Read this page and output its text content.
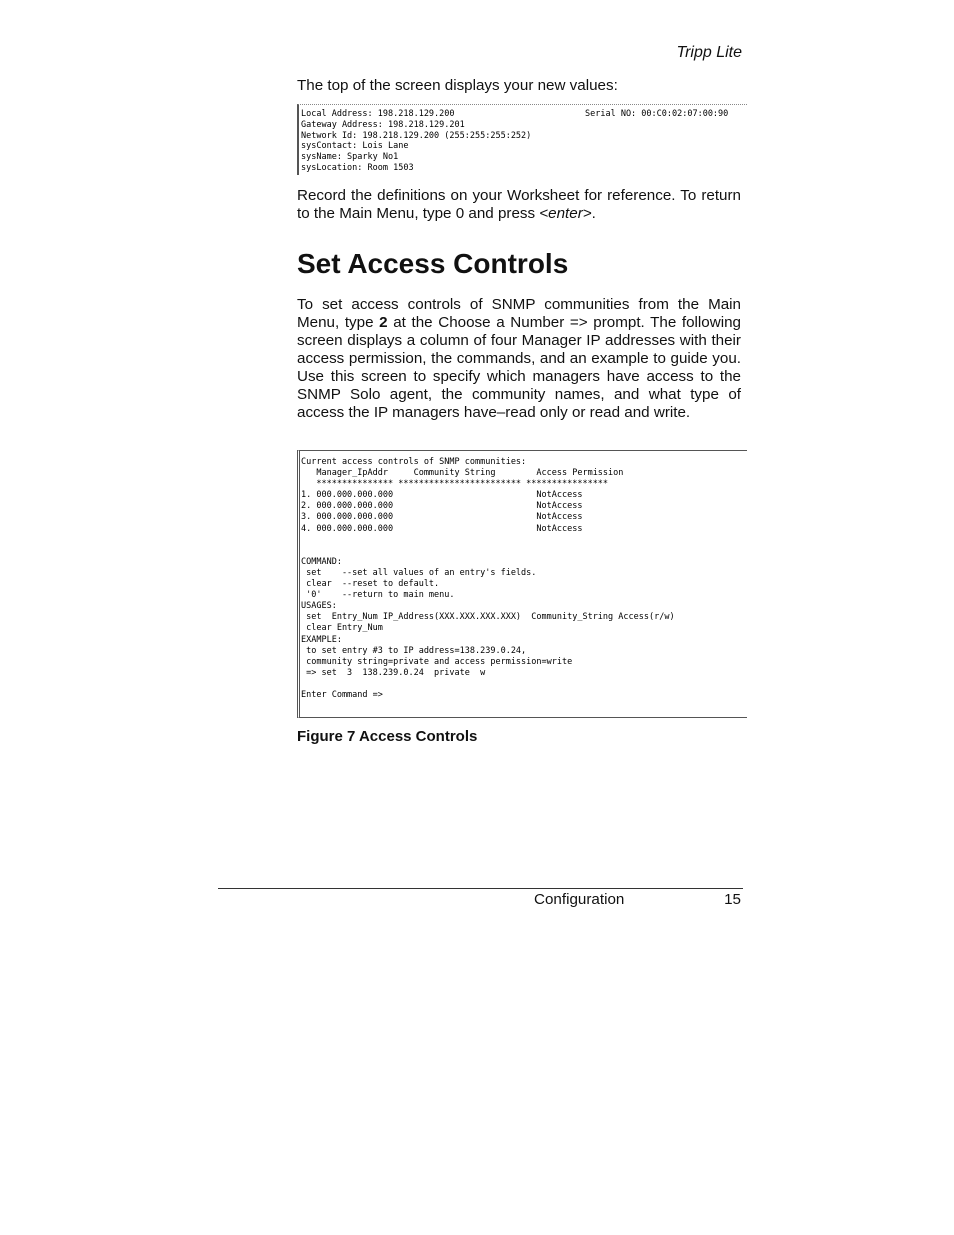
Tripp Lite

The top of the screen displays your new values:

Local Address: 198.218.129.200
Gateway Address: 198.218.129.201
Network Id: 198.218.129.200 (255:255:255:252)
sysContact: Lois Lane
sysName: Sparky No1
sysLocation: Room 1503
Serial NO: 00:C0:02:07:00:90

Record the definitions on your Worksheet for reference. To return to the Main Menu, type 0 and press <enter>.

Set Access Controls

To set access controls of SNMP communities from the Main Menu, type 2 at the Choose a Number => prompt. The following screen displays a column of four Manager IP addresses with their access permission, the commands, and an example to guide you. Use this screen to specify which managers have access to the SNMP Solo agent, the community names, and what type of access the IP managers have–read only or read and write.

Current access controls of SNMP communities:
Manager_IpAddr     Community String        Access Permission
*************** ************************ ****************
1. 000.000.000.000                            NotAccess
2. 000.000.000.000                            NotAccess
3. 000.000.000.000                            NotAccess
4. 000.000.000.000                            NotAccess

COMMAND:
set    --set all values of an entry's fields.
clear  --reset to default.
'0'    --return to main menu.
USAGES:
set  Entry_Num IP_Address(XXX.XXX.XXX.XXX)  Community_String Access(r/w)
clear Entry_Num
EXAMPLE:
to set entry #3 to IP address=138.239.0.24,
community string=private and access permission=write
=> set  3  138.239.0.24  private  w

Enter Command =>
Figure 7 Access Controls
Configuration	15
